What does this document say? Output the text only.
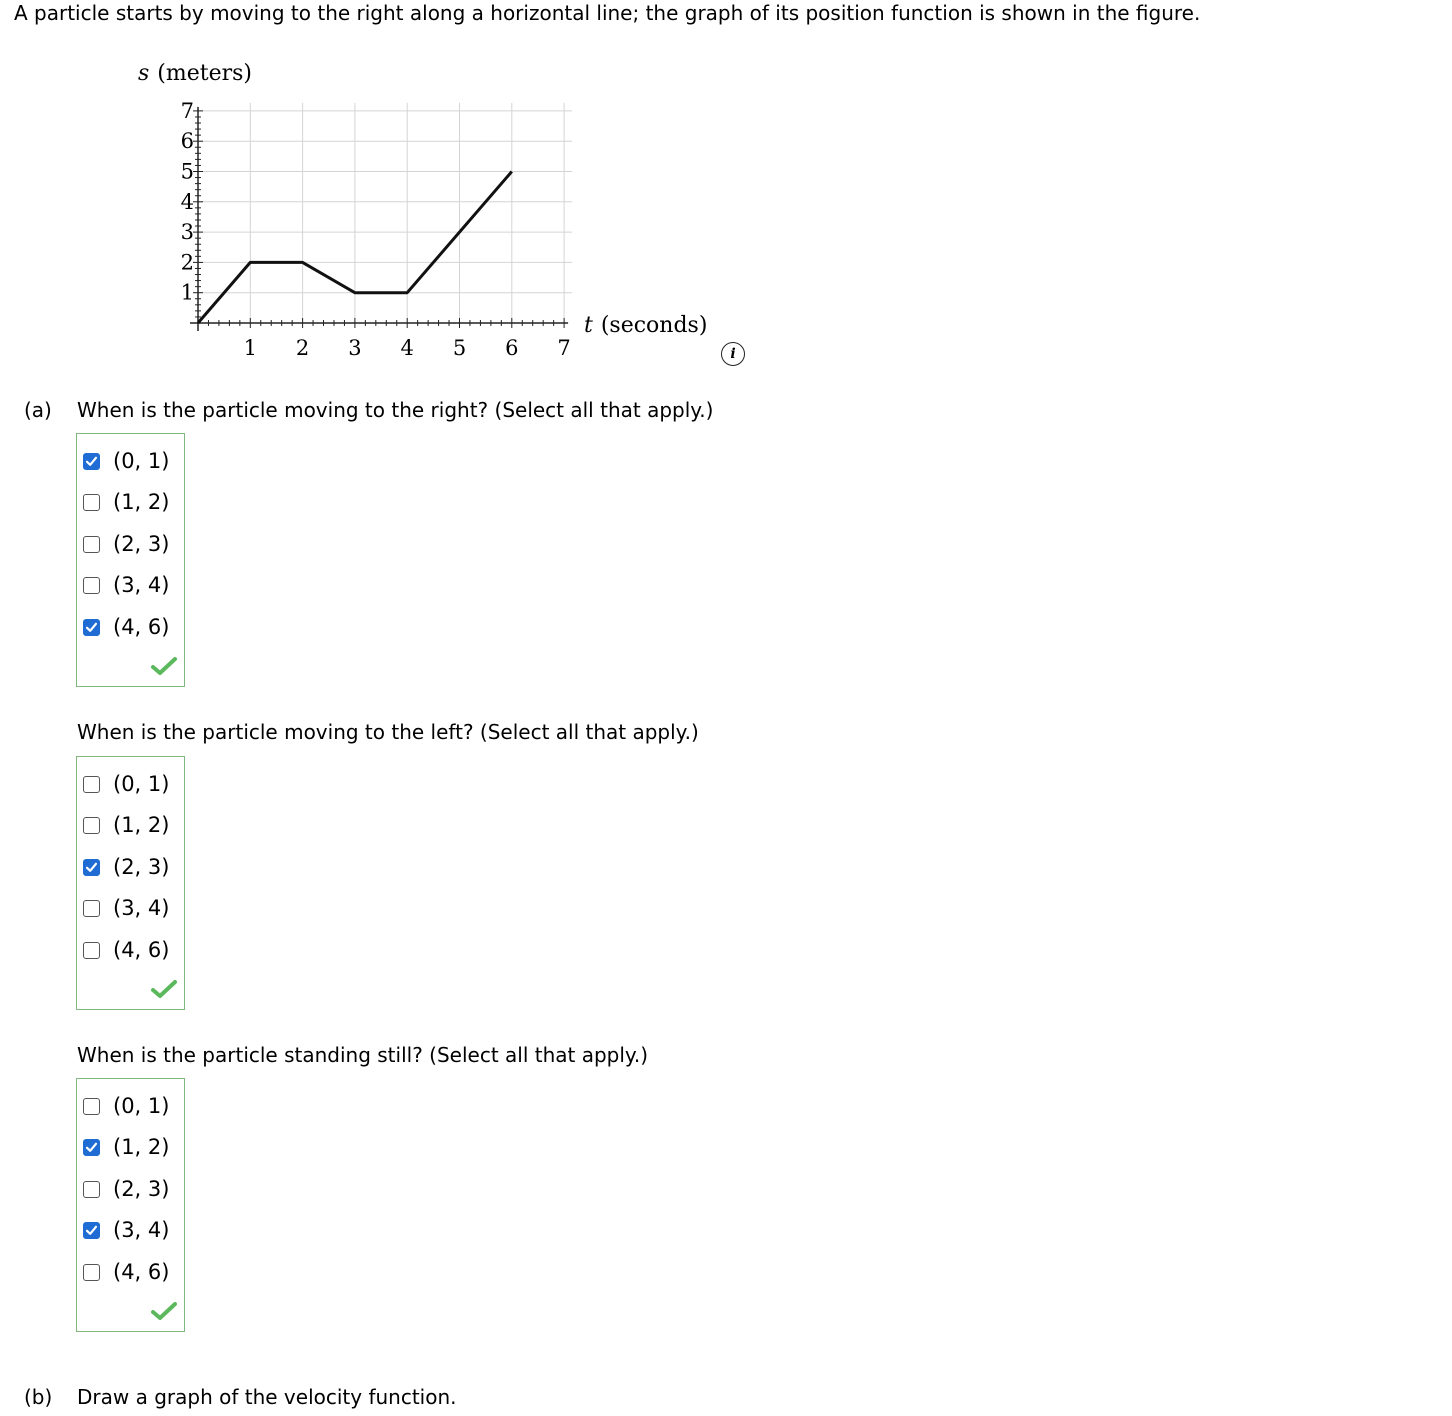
A particle starts by moving to the right along a horizontal line; the graph of its position function is shown in the figure.
1 2 3 4 5 6 7
1
2
3
4
5
6
7
s (meters)
t (seconds)
i
(a) When is the particle moving to the right? (Select all that apply.)
(0, 1)
(1, 2)
(2, 3)
(3, 4)
(4, 6)
When is the particle moving to the left? (Select all that apply.)
(0, 1)
(1, 2)
(2, 3)
(3, 4)
(4, 6)
When is the particle standing still? (Select all that apply.)
(0, 1)
(1, 2)
(2, 3)
(3, 4)
(4, 6)
(b) Draw a graph of the velocity function.
